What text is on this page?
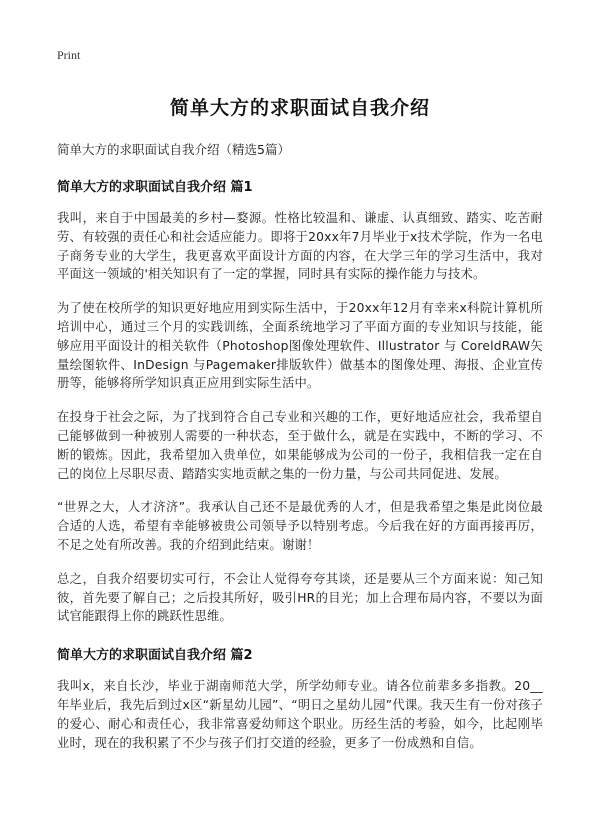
Print
简单大方的求职面试自我介绍
简单大方的求职面试自我介绍（精选5篇）
简单大方的求职面试自我介绍 篇1

我叫，来自于中国最美的乡村—婺源。性格比较温和、谦虚、认真细致、踏实、吃苦耐劳、有较强的责任心和社会适应能力。即将于20xx年7月毕业于x技术学院，作为一名电子商务专业的大学生，我更喜欢平面设计方面的内容，在大学三年的学习生活中，我对平面这一领域的'相关知识有了一定的掌握，同时具有实际的操作能力与技术。

为了使在校所学的知识更好地应用到实际生活中，于20xx年12月有幸来x科院计算机所培训中心，通过三个月的实践训练，全面系统地学习了平面方面的专业知识与技能，能够应用平面设计的相关软件（Photoshop图像处理软件、Illustrator 与 CoreldRAW矢量绘图软件、InDesign 与Pagemaker排版软件）做基本的图像处理、海报、企业宣传册等，能够将所学知识真正应用到实际生活中。

在投身于社会之际，为了找到符合自己专业和兴趣的工作，更好地适应社会，我希望自己能够做到一种被别人需要的一种状态，至于做什么，就是在实践中，不断的学习、不断的锻炼。因此，我希望加入贵单位，如果能够成为公司的一份子，我相信我一定在自己的岗位上尽职尽责、踏踏实实地贡献之集的一份力量，与公司共同促进、发展。

“世界之大，人才济济”。我承认自己还不是最优秀的人才，但是我希望之集是此岗位最合适的人选，希望有幸能够被贵公司领导予以特别考虑。今后我在好的方面再接再厉，不足之处有所改善。我的介绍到此结束。谢谢！

总之，自我介绍要切实可行，不会让人觉得夸夸其谈，还是要从三个方面来说：知己知彼，首先要了解自己；之后投其所好，吸引HR的目光；加上合理布局内容，不要以为面试官能跟得上你的跳跃性思维。

简单大方的求职面试自我介绍 篇2

我叫x，来自长沙，毕业于湖南师范大学，所学幼师专业。请各位前辈多多指教。20__年毕业后，我先后到过x区“新星幼儿园”、“明日之星幼儿园”代课。我天生有一份对孩子的爱心、耐心和责任心，我非常喜爱幼师这个职业。历经生活的考验，如今，比起刚毕业时，现在的我积累了不少与孩子们打交道的经验，更多了一份成熟和自信。
